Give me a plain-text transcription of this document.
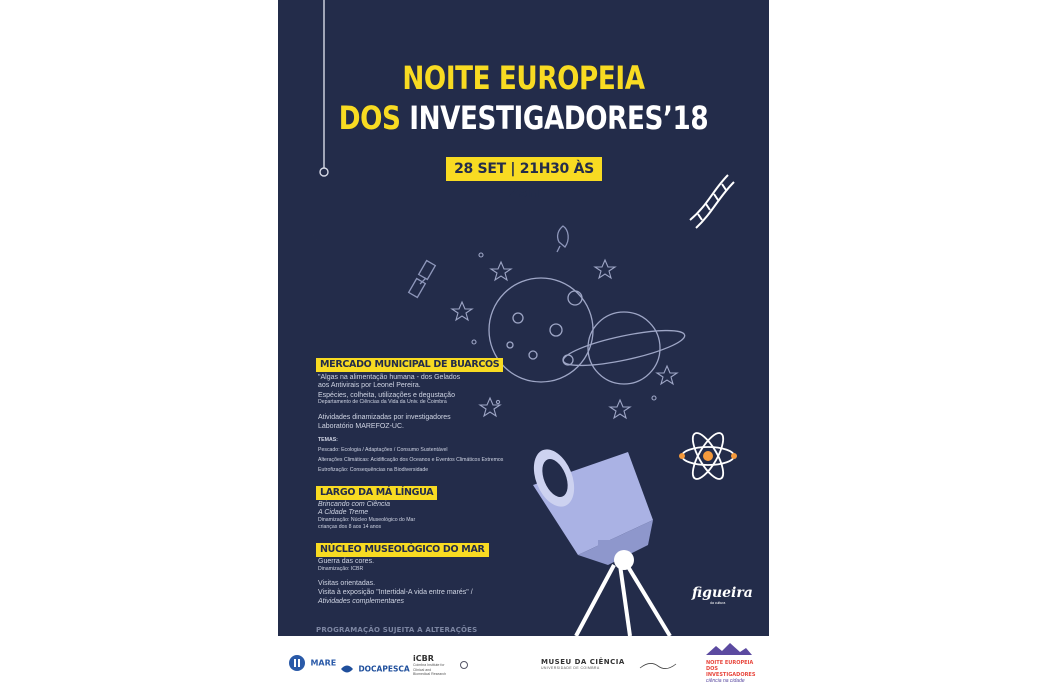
NOITE EUROPEIA
DOS INVESTIGADORES’18
28 SET | 21H30 ÀS 23H
MERCADO MUNICIPAL DE BUARCOS
"Algas na alimentação humana - dos Gelados
aos Antivirais por Leonel Pereira.
Espécies, colheita, utilizações e degustação
Departamento de Ciências da Vida da Univ. de Coimbra
Atividades dinamizadas por investigadores
Laboratório MAREFOZ-UC.
TEMAS:
Pescado: Ecologia / Adaptações / Consumo Sustentável
Alterações Climáticas: Acidificação dos Oceanos e Eventos Climáticos Extremos
Eutrofização: Consequências na Biodiversidade
LARGO DA MÁ LÍNGUA
Brincando com Ciência
A Cidade Treme
Dinamização: Núcleo Museológico do Mar
crianças dos 8 aos 14 anos
NÚCLEO MUSEOLÓGICO DO MAR
Guerra das cores.
Dinamização: ICBR
Visitas orientadas.
Visita à exposição "Intertidal-A vida entre marés" /
Atividades complementares
PROGRAMAÇÃO SUJEITA A ALTERAÇÕES
figueira
da cultura
MARE
DOCAPESCA
iCBR
Coimbra Institute for Clinical and Biomedical Research
MUSEU DA CIÊNCIA
UNIVERSIDADE DE COIMBRA
NOITE EUROPEIA
DOS INVESTIGADORES
ciência na cidade
